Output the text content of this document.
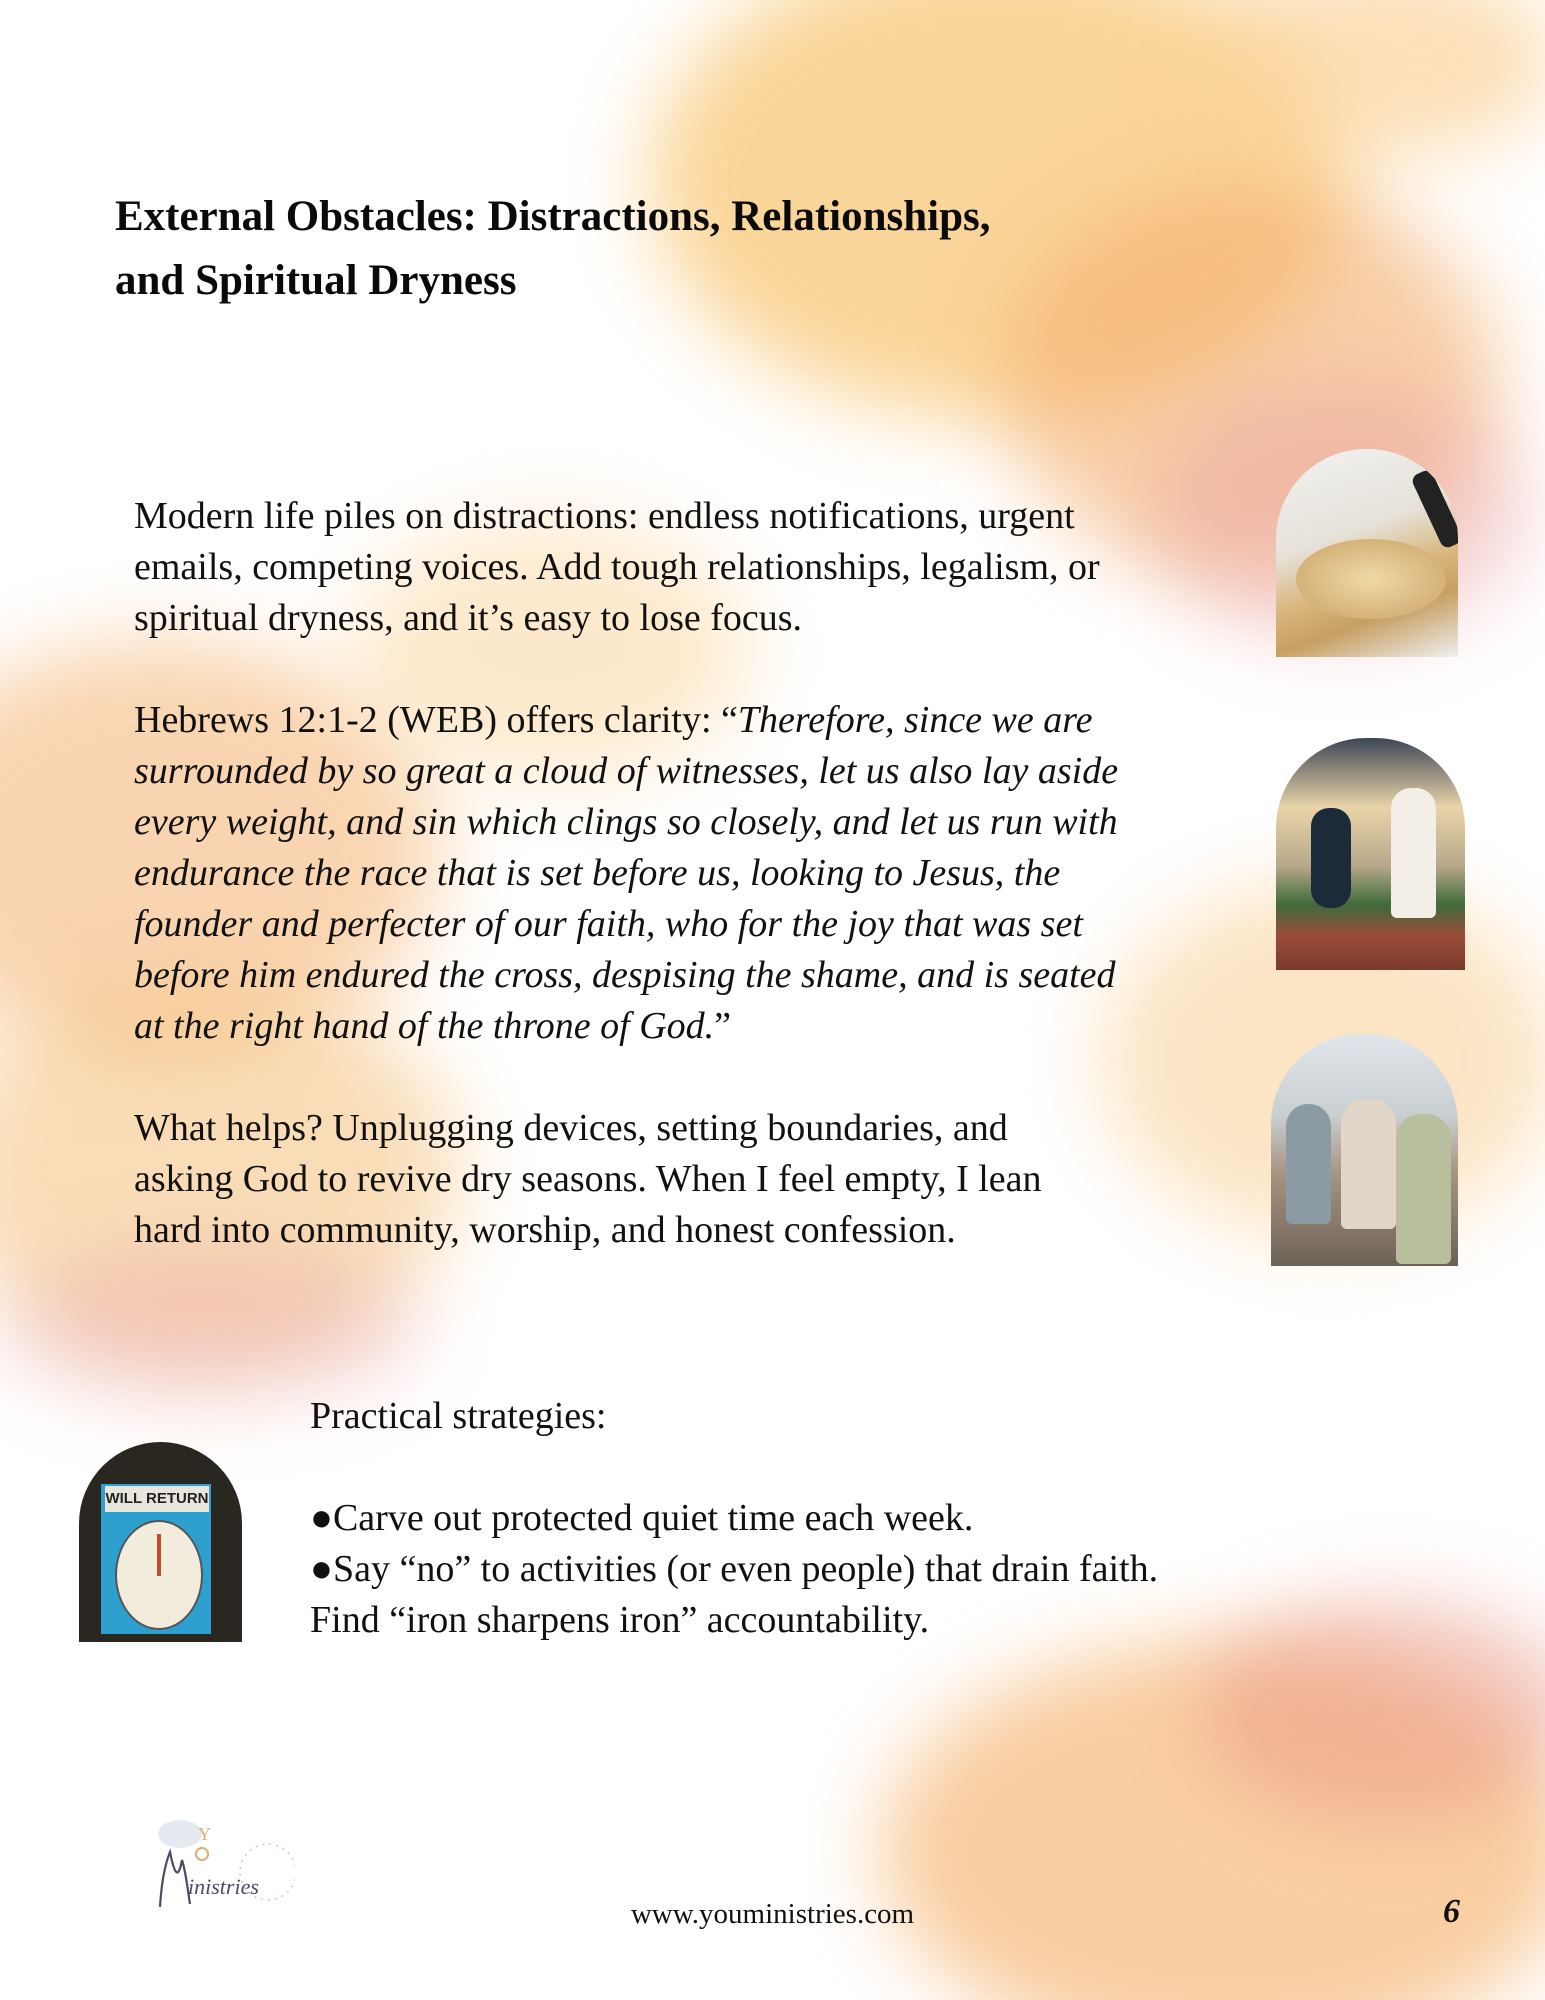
External Obstacles: Distractions, Relationships,
and Spiritual Dryness

Modern life piles on distractions: endless notifications, urgent
emails, competing voices. Add tough relationships, legalism, or
spiritual dryness, and it’s easy to lose focus.

Hebrews 12:1-2 (WEB) offers clarity: “Therefore, since we are
surrounded by so great a cloud of witnesses, let us also lay aside
every weight, and sin which clings so closely, and let us run with
endurance the race that is set before us, looking to Jesus, the
founder and perfecter of our faith, who for the joy that was set
before him endured the cross, despising the shame, and is seated
at the right hand of the throne of God.”

What helps? Unplugging devices, setting boundaries, and
asking God to revive dry seasons. When I feel empty, I lean
hard into community, worship, and honest confession.

WILL RETURN
Practical strategies:
●Carve out protected quiet time each week.
●Say “no” to activities (or even people) that drain faith.
Find “iron sharpens iron” accountability.
Y
inistries
www.youministries.com	6
